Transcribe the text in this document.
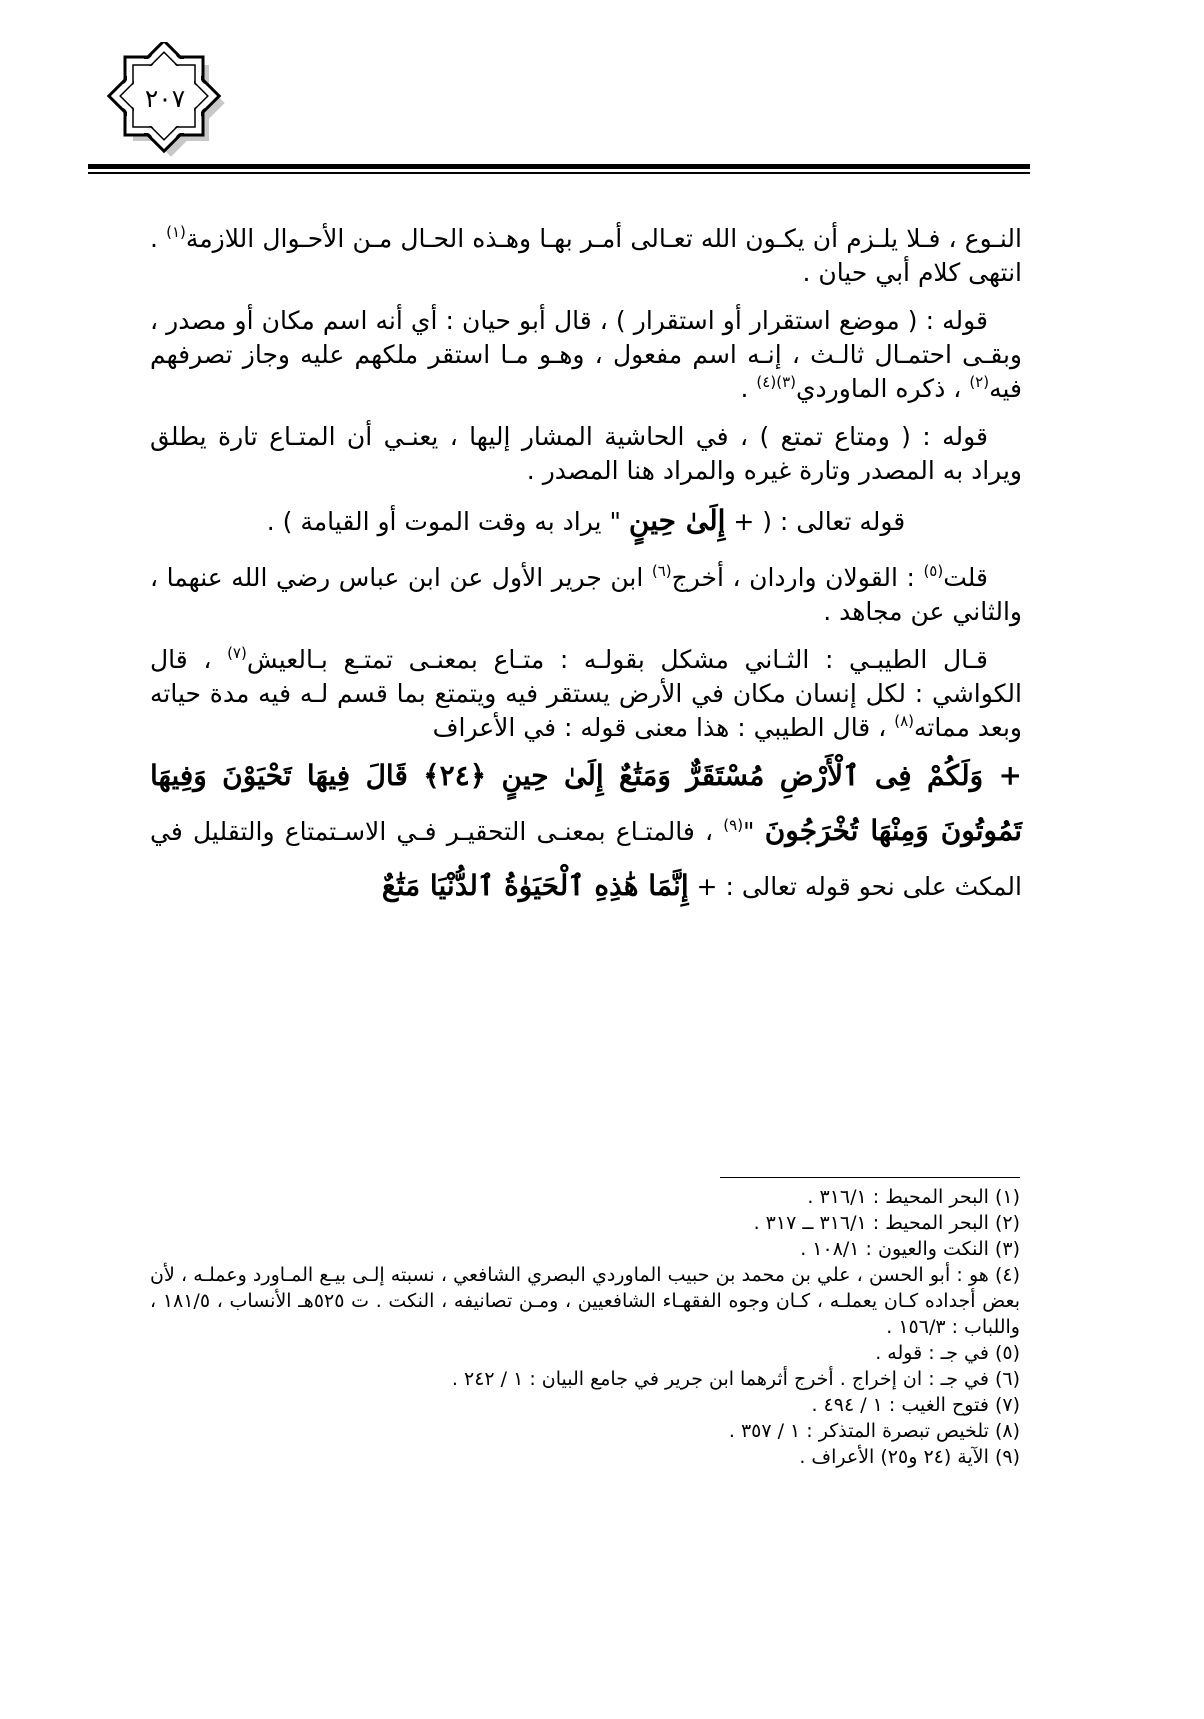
٢٠٧

النـوع ، فـلا يلـزم أن يكـون الله تعـالى أمـر بهـا وهـذه الحـال مـن الأحـوال اللازمة$^{(١)}$ . انتهى كلام أبي حيان .

قوله : ( موضع استقرار أو استقرار ) ، قال أبو حيان : أي أنه اسم مكان أو مصدر ، وبقـى احتمـال ثالـث ، إنـه اسم مفعول ، وهـو مـا استقر ملكهم عليه وجاز تصرفهم فيه$^{(٢)}$ ، ذكره الماوردي$^{(٣)(٤)}$ .

قوله : ( ومتاع تمتع ) ، في الحاشية المشار إليها ، يعنـي أن المتـاع تارة يطلق ويراد به المصدر وتارة غيره والمراد هنا المصدر .

قوله تعالى : ( + إِلَىٰ حِينٍ " يراد به وقت الموت أو القيامة ) .

قلت$^{(٥)}$ : القولان واردان ، أخرج$^{(٦)}$ ابن جرير الأول عن ابن عباس رضي الله عنهما ، والثاني عن مجاهد .

قـال الطيبـي : الثـاني مشكل بقولـه : متـاع بمعنـى تمتـع بـالعيش$^{(٧)}$ ، قال الكواشي : لكل إنسان مكان في الأرض يستقر فيه ويتمتع بما قسم لـه فيه مدة حياته وبعد مماته$^{(٨)}$ ، قال الطيبي : هذا معنى قوله : في الأعراف

+ وَلَكُمْ فِى ٱلْأَرْضِ مُسْتَقَرٌّ وَمَتَٰعٌ إِلَىٰ حِينٍ ﴿٢٤﴾ قَالَ فِيهَا تَحْيَوْنَ وَفِيهَا تَمُوتُونَ وَمِنْهَا تُخْرَجُونَ "$^{(٩)}$ ، فالمتـاع بمعنـى التحقيـر فـي الاسـتمتاع والتقليل في المكث على نحو قوله تعالى : + إِنَّمَا هَٰذِهِ ٱلْحَيَوٰةُ ٱلدُّنْيَا مَتَٰعٌ

(١) البحر المحيط : ٣١٦/١ .

(٢) البحر المحيط : ٣١٦/١ ــ ٣١٧ .

(٣) النكت والعيون : ١٠٨/١ .

(٤) هو : أبو الحسن ، علي بن محمد بن حبيب الماوردي البصري الشافعي ، نسبته إلـى بيـع المـاورد وعملـه ، لأن بعض أجداده كـان يعملـه ، كـان وجوه الفقهـاء الشافعيين ، ومـن تصانيفه ، النكت . ت ٥٢٥هـ الأنساب ، ١٨١/٥ ، واللباب : ١٥٦/٣ .

(٥) في جـ : قوله .

(٦) في جـ : ان إخراج . أخرج أثرهما ابن جرير في جامع البيان : ١ / ٢٤٢ .

(٧) فتوح الغيب : ١ / ٤٩٤ .

(٨) تلخيص تبصرة المتذكر : ١ / ٣٥٧ .

(٩) الآية (٢٤ و٢٥) الأعراف .
